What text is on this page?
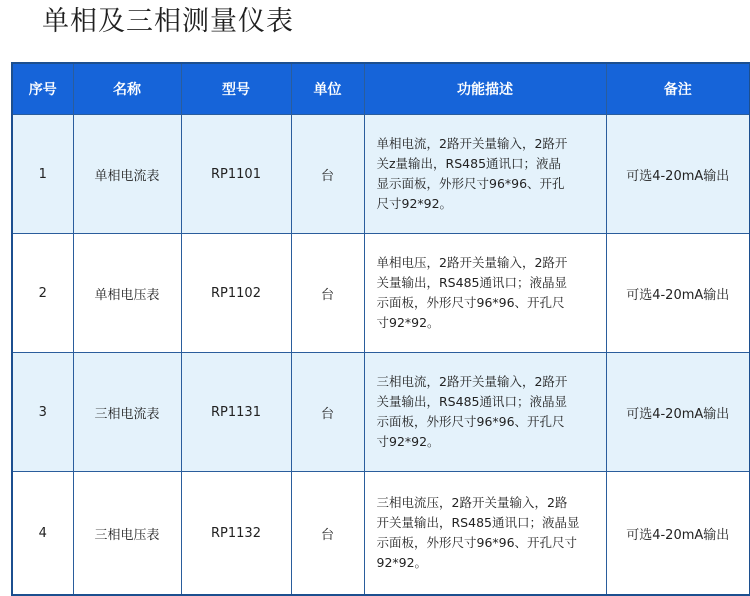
单相及三相测量仪表
序号	名称	型号	单位	功能描述	备注
1	单相电流表	RP1101	台	单相电流，2路开关量输入，2路开
关z量输出，RS485通讯口；液晶
显示面板，外形尺寸96*96、开孔
尺寸92*92。	可选4-20mA输出
2	单相电压表	RP1102	台	单相电压，2路开关量输入，2路开
关量输出，RS485通讯口；液晶显
示面板，外形尺寸96*96、开孔尺
寸92*92。	可选4-20mA输出
3	三相电流表	RP1131	台	三相电流，2路开关量输入，2路开
关量输出，RS485通讯口；液晶显
示面板，外形尺寸96*96、开孔尺
寸92*92。	可选4-20mA输出
4	三相电压表	RP1132	台	三相电流压，2路开关量输入，2路
开关量输出，RS485通讯口；液晶显
示面板，外形尺寸96*96、开孔尺寸
92*92。	可选4-20mA输出
